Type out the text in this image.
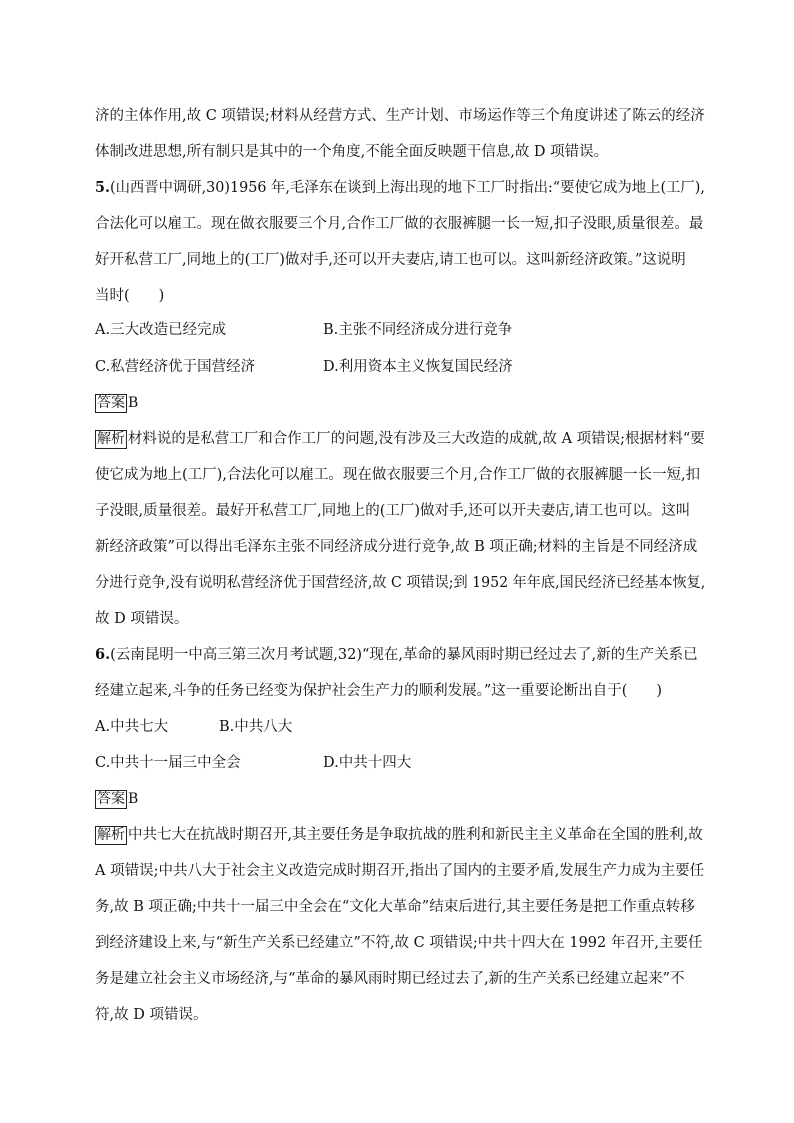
济的主体作用,故 C 项错误;材料从经营方式、生产计划、市场运作等三个角度讲述了陈云的经济
体制改进思想,所有制只是其中的一个角度,不能全面反映题干信息,故 D 项错误。
5.(山西晋中调研,30)1956 年,毛泽东在谈到上海出现的地下工厂时指出:“要使它成为地上(工厂),
合法化可以雇工。现在做衣服要三个月,合作工厂做的衣服裤腿一长一短,扣子没眼,质量很差。最
好开私营工厂,同地上的(工厂)做对手,还可以开夫妻店,请工也可以。这叫新经济政策。”这说明
当时(　　)
A.三大改造已经完成	B.主张不同经济成分进行竞争
C.私营经济优于国营经济	D.利用资本主义恢复国民经济
答案 B
解析 材料说的是私营工厂和合作工厂的问题,没有涉及三大改造的成就,故 A 项错误;根据材料“要
使它成为地上(工厂),合法化可以雇工。现在做衣服要三个月,合作工厂做的衣服裤腿一长一短,扣
子没眼,质量很差。最好开私营工厂,同地上的(工厂)做对手,还可以开夫妻店,请工也可以。这叫
新经济政策”可以得出毛泽东主张不同经济成分进行竞争,故 B 项正确;材料的主旨是不同经济成
分进行竞争,没有说明私营经济优于国营经济,故 C 项错误;到 1952 年年底,国民经济已经基本恢复,
故 D 项错误。
6.(云南昆明一中高三第三次月考试题,32)“现在,革命的暴风雨时期已经过去了,新的生产关系已
经建立起来,斗争的任务已经变为保护社会生产力的顺利发展。”这一重要论断出自于(　　)
A.中共七大	B.中共八大
C.中共十一届三中全会	D.中共十四大
答案 B
解析 中共七大在抗战时期召开,其主要任务是争取抗战的胜利和新民主主义革命在全国的胜利,故
A 项错误;中共八大于社会主义改造完成时期召开,指出了国内的主要矛盾,发展生产力成为主要任
务,故 B 项正确;中共十一届三中全会在“文化大革命”结束后进行,其主要任务是把工作重点转移
到经济建设上来,与“新生产关系已经建立”不符,故 C 项错误;中共十四大在 1992 年召开,主要任
务是建立社会主义市场经济,与“革命的暴风雨时期已经过去了,新的生产关系已经建立起来”不
符,故 D 项错误。
